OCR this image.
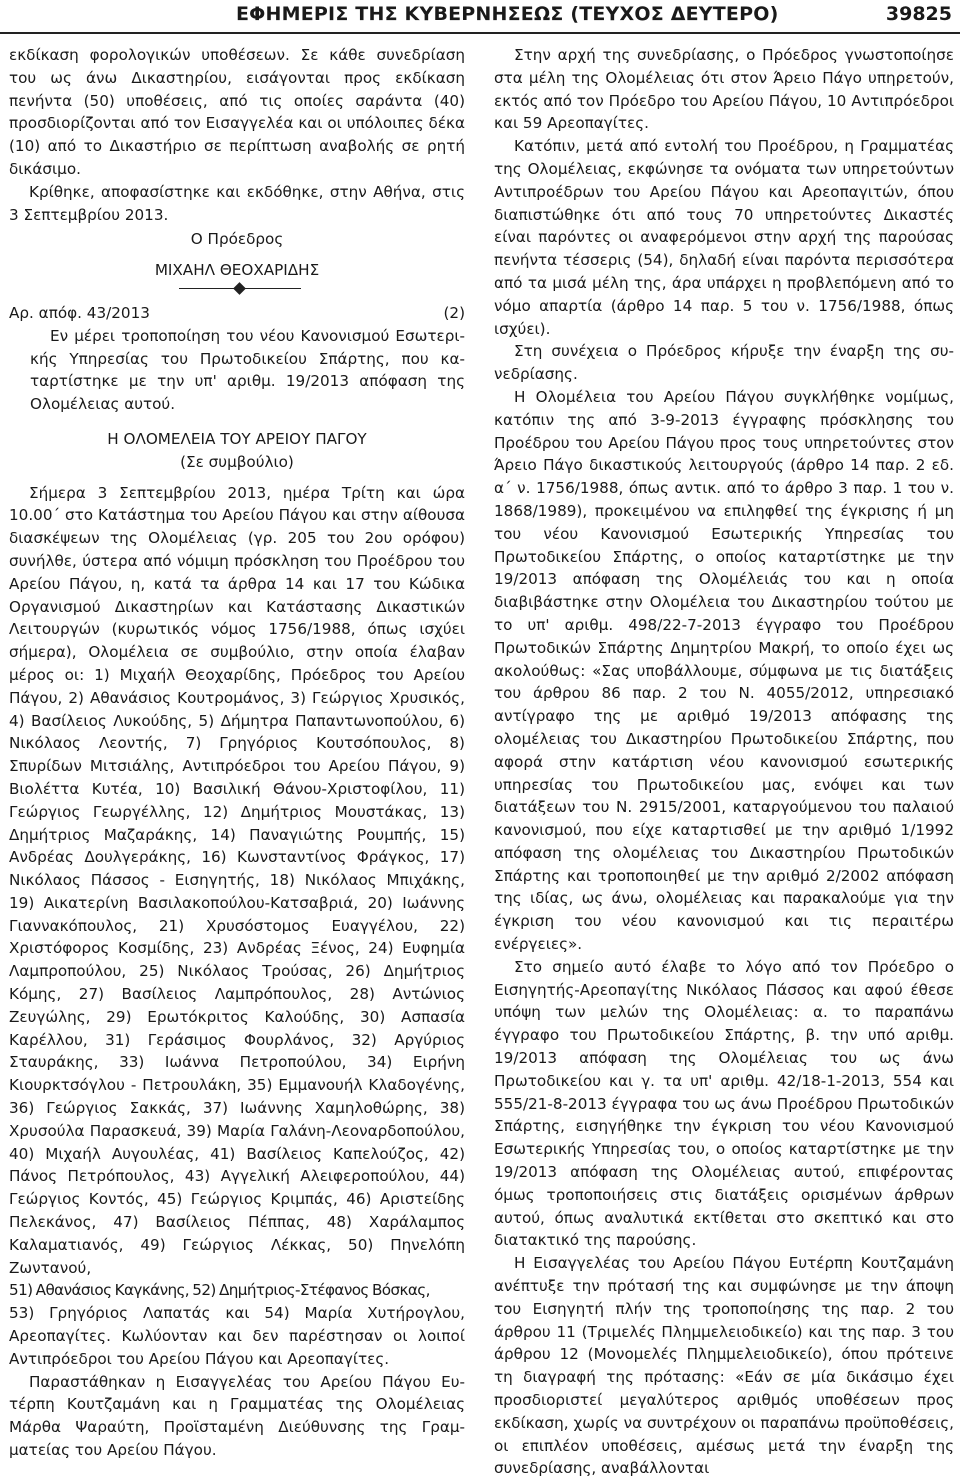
ΕΦΗΜΕΡΙΣ ΤΗΣ ΚΥΒΕΡΝΗΣΕΩΣ (ΤΕΥΧΟΣ ΔΕΥΤΕΡΟ)	39825

εκδίκαση φορολογικών υποθέσεων. Σε κάθε συνεδρίαση του ως άνω Δικαστηρίου, εισάγονται προς εκδίκαση πενήντα (50) υποθέσεις, από τις οποίες σαράντα (40) προσδιορίζονται από τον Εισαγγελέα και οι υπόλοιπες δέκα (10) από το Δικαστήριο σε περίπτωση αναβολής σε ρητή δικάσιμο.

Κρίθηκε, αποφασίστηκε και εκδόθηκε, στην Αθήνα, στις 3 Σεπτεμβρίου 2013.

Ο Πρόεδρος

ΜΙΧΑΗΛ ΘΕΟΧΑΡΙΔΗΣ

Αρ. απόφ. 43/2013	(2)

Εν μέρει τροποποίηση του νέου Κανονισμού Εσωτερικής Υπηρεσίας του Πρωτοδικείου Σπάρτης, που καταρτίστηκε με την υπ' αριθμ. 19/2013 απόφαση της Ολομέλειας αυτού.

Η ΟΛΟΜΕΛΕΙΑ ΤΟΥ ΑΡΕΙΟΥ ΠΑΓΟΥ

(Σε συμβούλιο)

Σήμερα 3 Σεπτεμβρίου 2013, ημέρα Τρίτη και ώρα

10.00΄ στο Κατάστημα του Αρείου Πάγου και στην αίθουσα διασκέψεων της Ολομέλειας (γρ. 205 του 2ου ορόφου) συνήλθε, ύστερα από νόμιμη πρόσκληση του Προέδρου του Αρείου Πάγου, η, κατά τα άρθρα 14 και 17 του Κώδικα Οργανισμού Δικαστηρίων και Κατάστασης Δικαστικών Λειτουργών (κυρωτικός νόμος 1756/1988, όπως ισχύει σήμερα), Ολομέλεια σε συμβούλιο, στην οποία έλαβαν μέρος οι: 1) Μιχαήλ Θεοχαρίδης, Πρόεδρος του Αρείου Πάγου, 2) Αθανάσιος Κουτρομάνος, 3) Γεώργιος Χρυσικός, 4) Βασίλειος Λυκούδης, 5) Δήμητρα Παπαντωνοπούλου, 6) Νικόλαος Λεοντής, 7) Γρηγόριος Κουτσόπουλος, 8) Σπυρίδων Μιτσιάλης, Αντιπρόεδροι του Αρείου Πάγου, 9) Βιολέττα Κυτέα, 10) Βασιλική Θάνου-Χριστοφίλου, 11) Γεώργιος Γεωργέλλης, 12) Δημήτριος Μουστάκας, 13) Δημήτριος Μαζαράκης, 14) Παναγιώτης Ρουμπής, 15) Ανδρέας Δουλγεράκης, 16) Κωνσταντίνος Φράγκος, 17) Νικόλαος Πάσσος - Εισηγητής, 18) Νικόλαος Μπιχάκης, 19) Αικατερίνη Βασιλακοπούλου-Κατσαβριά, 20) Ιωάννης Γιαννακόπουλος, 21) Χρυσόστομος Ευαγγέλου, 22) Χριστόφορος Κοσμίδης, 23) Ανδρέας Ξένος, 24) Ευφημία Λαμπροπούλου, 25) Νικόλαος Τρούσας, 26) Δημήτριος Κόμης, 27) Βασίλειος Λαμπρόπουλος, 28) Αντώνιος Ζευγώλης, 29) Ερωτόκριτος Καλούδης, 30) Ασπασία Καρέλλου, 31) Γεράσιμος Φουρλάνος, 32) Αργύριος Σταυράκης, 33) Ιωάννα Πετροπούλου, 34) Ειρήνη Κιουρκτσόγλου - Πετρουλάκη, 35) Εμμανουήλ Κλαδογένης, 36) Γεώργιος Σακκάς, 37) Ιωάννης Χαμηλοθώρης, 38) Χρυσούλα Παρασκευά, 39) Μαρία Γαλάνη-Λεοναρδοπούλου, 40) Μιχαήλ Αυγουλέας, 41) Βασίλειος Καπελούζος, 42) Πάνος Πετρόπουλος, 43) Αγγελική Αλειφεροπούλου, 44) Γεώργιος Κοντός, 45) Γεώργιος Κριμπάς, 46) Αριστείδης Πελεκάνος, 47) Βασίλειος Πέππας, 48) Χαράλαμπος Καλαματιανός, 49) Γεώργιος Λέκκας, 50) Πηνελόπη Ζωντανού,

51) Αθανάσιος Καγκάνης, 52) Δημήτριος-Στέφανος Βόσκας,

53) Γρηγόριος Λαπατάς και 54) Μαρία Χυτήρογλου, Αρεοπαγίτες. Κωλύονταν και δεν παρέστησαν οι λοιποί Αντιπρόεδροι του Αρείου Πάγου και Αρεοπαγίτες.

Παραστάθηκαν η Εισαγγελέας του Αρείου Πάγου Ευτέρπη Κουτζαμάνη και η Γραμματέας της Ολομέλειας Μάρθα Ψαραύτη, Προϊσταμένη Διεύθυνσης της Γραμματείας του Αρείου Πάγου.

Στην αρχή της συνεδρίασης, ο Πρόεδρος γνωστοποίησε στα μέλη της Ολομέλειας ότι στον Άρειο Πάγο υπηρετούν, εκτός από τον Πρόεδρο του Αρείου Πάγου, 10 Αντιπρόεδροι και 59 Αρεοπαγίτες.

Κατόπιν, μετά από εντολή του Προέδρου, η Γραμματέας της Ολομέλειας, εκφώνησε τα ονόματα των υπηρετούντων Αντιπροέδρων του Αρείου Πάγου και Αρεοπαγιτών, όπου διαπιστώθηκε ότι από τους 70 υπηρετούντες Δικαστές είναι παρόντες οι αναφερόμενοι στην αρχή της παρούσας πενήντα τέσσερις (54), δηλαδή είναι παρόντα περισσότερα από τα μισά μέλη της, άρα υπάρχει η προβλεπόμενη από το νόμο απαρτία (άρθρο 14 παρ. 5 του ν. 1756/1988, όπως ισχύει).

Στη συνέχεια ο Πρόεδρος κήρυξε την έναρξη της συνεδρίασης.

Η Ολομέλεια του Αρείου Πάγου συγκλήθηκε νομίμως, κατόπιν της από 3-9-2013 έγγραφης πρόσκλησης του Προέδρου του Αρείου Πάγου προς τους υπηρετούντες στον Άρειο Πάγο δικαστικούς λειτουργούς (άρθρο 14 παρ. 2 εδ. α΄ ν. 1756/1988, όπως αντικ. από το άρθρο 3 παρ. 1 του ν. 1868/1989), προκειμένου να επιληφθεί της έγκρισης ή μη του νέου Κανονισμού Εσωτερικής Υπηρεσίας του Πρωτοδικείου Σπάρτης, ο οποίος καταρτίστηκε με την 19/2013 απόφαση της Ολομέλειάς του και η οποία διαβιβάστηκε στην Ολομέλεια του Δικαστηρίου τούτου με το υπ' αριθμ. 498/22-7-2013 έγγραφο του Προέδρου Πρωτοδικών Σπάρτης Δημητρίου Μακρή, το οποίο έχει ως ακολούθως: «Σας υποβάλλουμε, σύμφωνα με τις διατάξεις του άρθρου 86 παρ. 2 του Ν. 4055/2012, υπηρεσιακό αντίγραφο της με αριθμό 19/2013 απόφασης της ολομέλειας του Δικαστηρίου Πρωτοδικείου Σπάρτης, που αφορά στην κατάρτιση νέου κανονισμού εσωτερικής υπηρεσίας του Πρωτοδικείου μας, ενόψει και των διατάξεων του Ν. 2915/2001, καταργούμενου του παλαιού κανονισμού, που είχε καταρτισθεί με την αριθμό 1/1992 απόφαση της ολομέλειας του Δικαστηρίου Πρωτοδικών Σπάρτης και τροποποιηθεί με την αριθμό 2/2002 απόφαση της ιδίας, ως άνω, ολομέλειας και παρακαλούμε για την έγκριση του νέου κανονισμού και τις περαιτέρω ενέργειες».

Στο σημείο αυτό έλαβε το λόγο από τον Πρόεδρο ο Εισηγητής-Αρεοπαγίτης Νικόλαος Πάσσος και αφού έθεσε υπόψη των μελών της Ολομέλειας: α. το παραπάνω έγγραφο του Πρωτοδικείου Σπάρτης, β. την υπό αριθμ. 19/2013 απόφαση της Ολομέλειας του ως άνω Πρωτοδικείου και γ. τα υπ' αριθμ. 42/18-1-2013, 554 και 555/21-8-2013 έγγραφα του ως άνω Προέδρου Πρωτοδικών Σπάρτης, εισηγήθηκε την έγκριση του νέου Κανονισμού Εσωτερικής Υπηρεσίας του, ο οποίος καταρτίστηκε με την 19/2013 απόφαση της Ολομέλειας αυτού, επιφέροντας όμως τροποποιήσεις στις διατάξεις ορισμένων άρθρων αυτού, όπως αναλυτικά εκτίθεται στο σκεπτικό και στο διατακτικό της παρούσης.

Η Εισαγγελέας του Αρείου Πάγου Ευτέρπη Κουτζαμάνη ανέπτυξε την πρότασή της και συμφώνησε με την άποψη του Εισηγητή πλήν της τροποποίησης της παρ. 2 του άρθρου 11 (Τριμελές Πλημμελειοδικείο) και της παρ. 3 του άρθρου 12 (Μονομελές Πλημμελειοδικείο), όπου πρότεινε τη διαγραφή της πρότασης: «Εάν σε μία δικάσιμο έχει προσδιοριστεί μεγαλύτερος αριθμός υποθέσεων προς εκδίκαση, χωρίς να συντρέχουν οι παραπάνω προϋποθέσεις, οι επιπλέον υποθέσεις, αμέσως μετά την έναρξη της συνεδρίασης, αναβάλλονται
